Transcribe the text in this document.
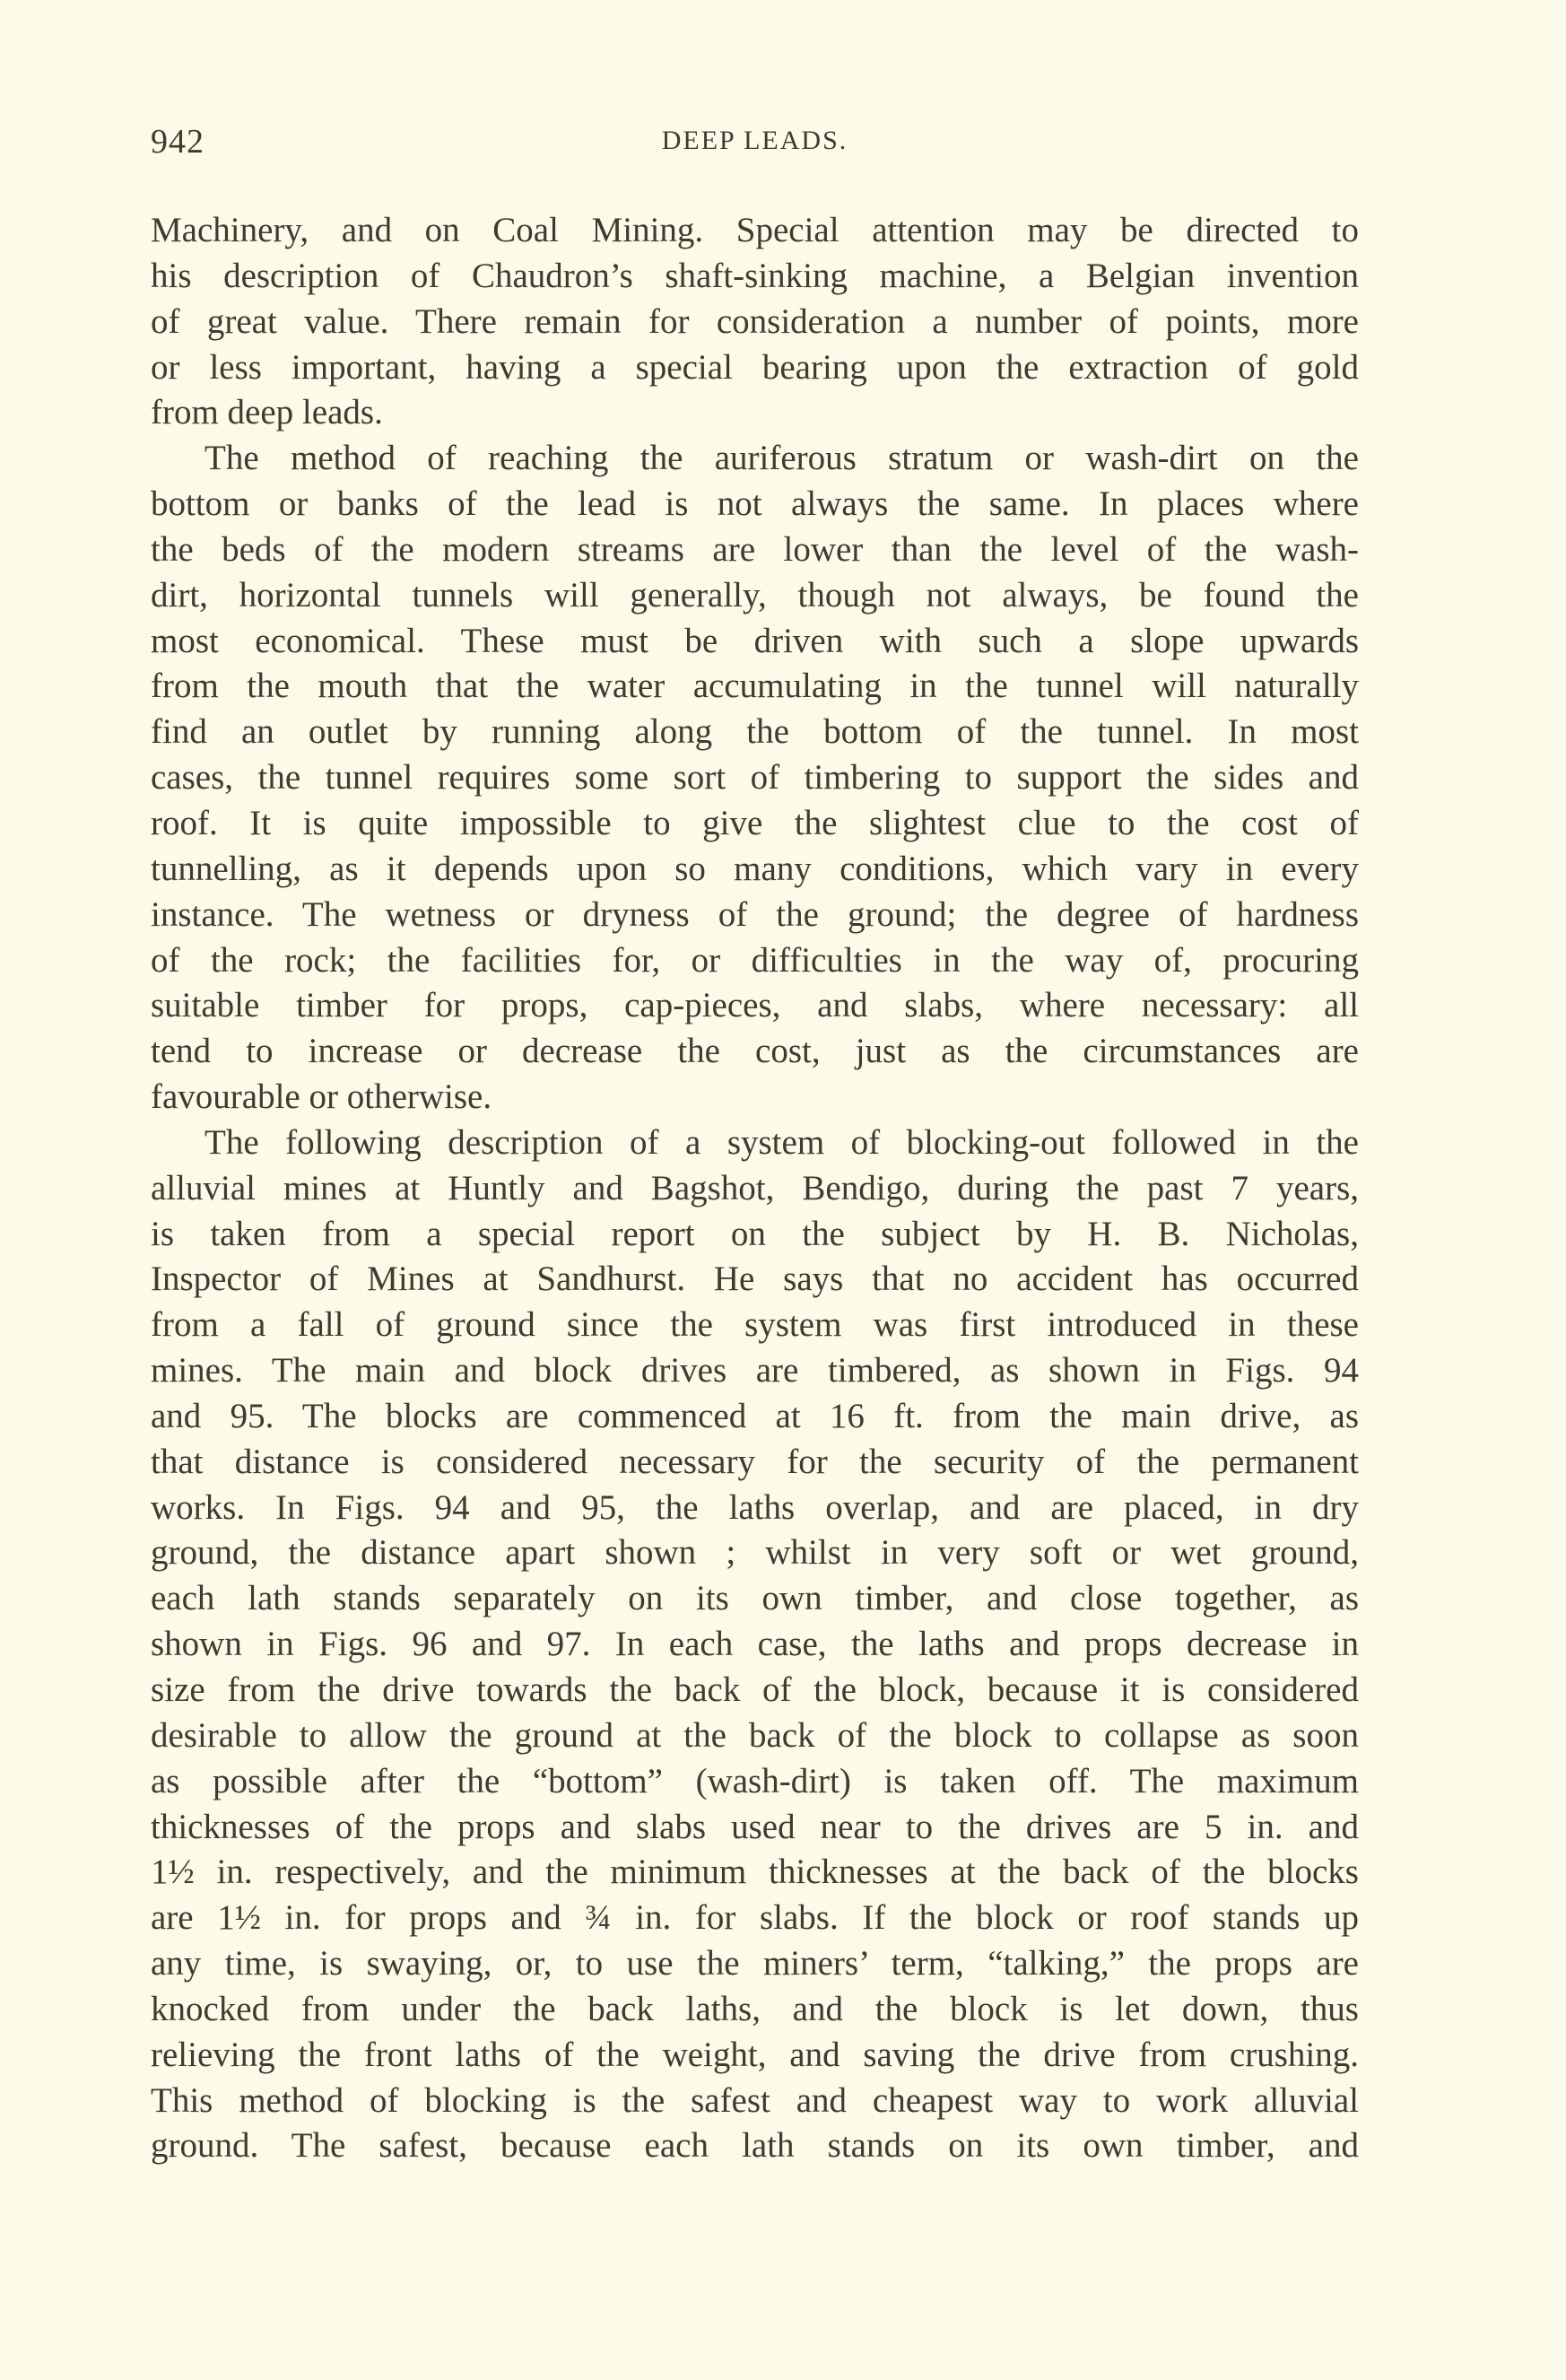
942	DEEP LEADS.
Machinery, and on Coal Mining. Special attention may be directed to
his description of Chaudron’s shaft-sinking machine, a Belgian invention
of great value. There remain for consideration a number of points, more
or less important, having a special bearing upon the extraction of gold
from deep leads.
The method of reaching the auriferous stratum or wash-dirt on the
bottom or banks of the lead is not always the same. In places where
the beds of the modern streams are lower than the level of the wash-
dirt, horizontal tunnels will generally, though not always, be found the
most economical. These must be driven with such a slope upwards
from the mouth that the water accumulating in the tunnel will naturally
find an outlet by running along the bottom of the tunnel. In most
cases, the tunnel requires some sort of timbering to support the sides and
roof. It is quite impossible to give the slightest clue to the cost of
tunnelling, as it depends upon so many conditions, which vary in every
instance. The wetness or dryness of the ground; the degree of hardness
of the rock; the facilities for, or difficulties in the way of, procuring
suitable timber for props, cap-pieces, and slabs, where necessary: all
tend to increase or decrease the cost, just as the circumstances are
favourable or otherwise.
The following description of a system of blocking-out followed in the
alluvial mines at Huntly and Bagshot, Bendigo, during the past 7 years,
is taken from a special report on the subject by H. B. Nicholas,
Inspector of Mines at Sandhurst. He says that no accident has occurred
from a fall of ground since the system was first introduced in these
mines. The main and block drives are timbered, as shown in Figs. 94
and 95. The blocks are commenced at 16 ft. from the main drive, as
that distance is considered necessary for the security of the permanent
works. In Figs. 94 and 95, the laths overlap, and are placed, in dry
ground, the distance apart shown ; whilst in very soft or wet ground,
each lath stands separately on its own timber, and close together, as
shown in Figs. 96 and 97. In each case, the laths and props decrease in
size from the drive towards the back of the block, because it is considered
desirable to allow the ground at the back of the block to collapse as soon
as possible after the “bottom” (wash-dirt) is taken off. The maximum
thicknesses of the props and slabs used near to the drives are 5 in. and
1½ in. respectively, and the minimum thicknesses at the back of the blocks
are 1½ in. for props and ¾ in. for slabs. If the block or roof stands up
any time, is swaying, or, to use the miners’ term, “talking,” the props are
knocked from under the back laths, and the block is let down, thus
relieving the front laths of the weight, and saving the drive from crushing.
This method of blocking is the safest and cheapest way to work alluvial
ground. The safest, because each lath stands on its own timber, and
